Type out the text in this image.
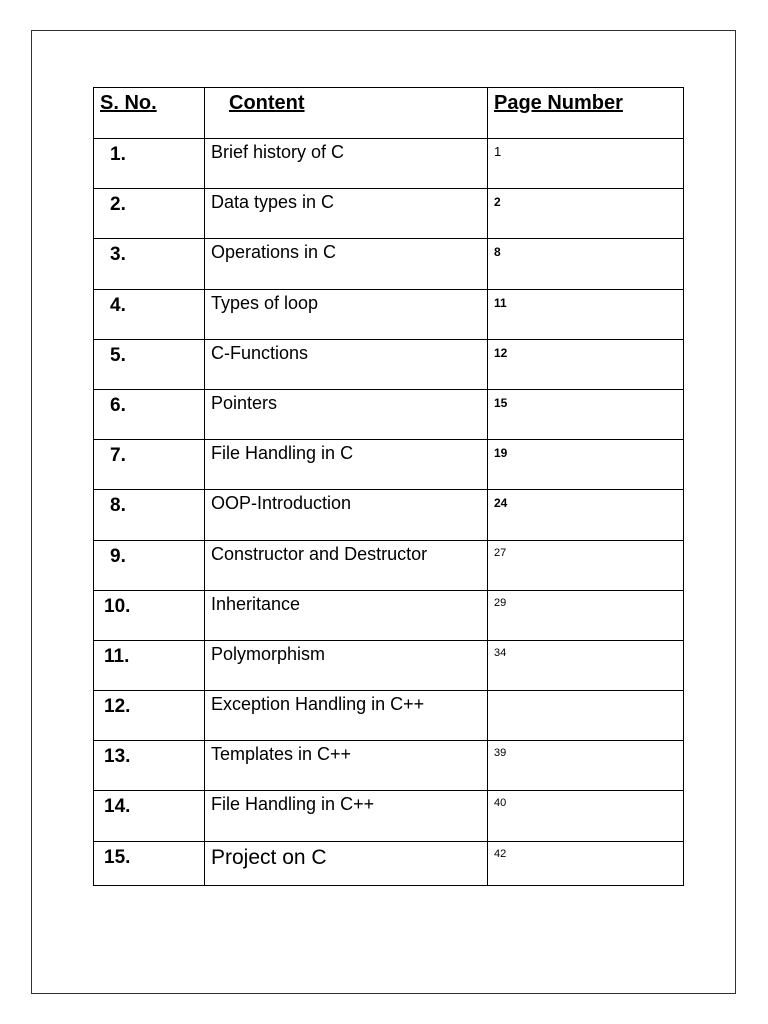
S. No.	Content	Page Number
1.	Brief history of C	1
2.	Data types in C	2
3.	Operations in C	8
4.	Types of loop	11
5.	C-Functions	12
6.	Pointers	15
7.	File Handling in C	19
8.	OOP-Introduction	24
9.	Constructor and Destructor	27
10.	Inheritance	29
11.	Polymorphism	34
12.	Exception Handling in C++	
13.	Templates in C++	39
14.	File Handling in C++	40
15.	Project on C	42
